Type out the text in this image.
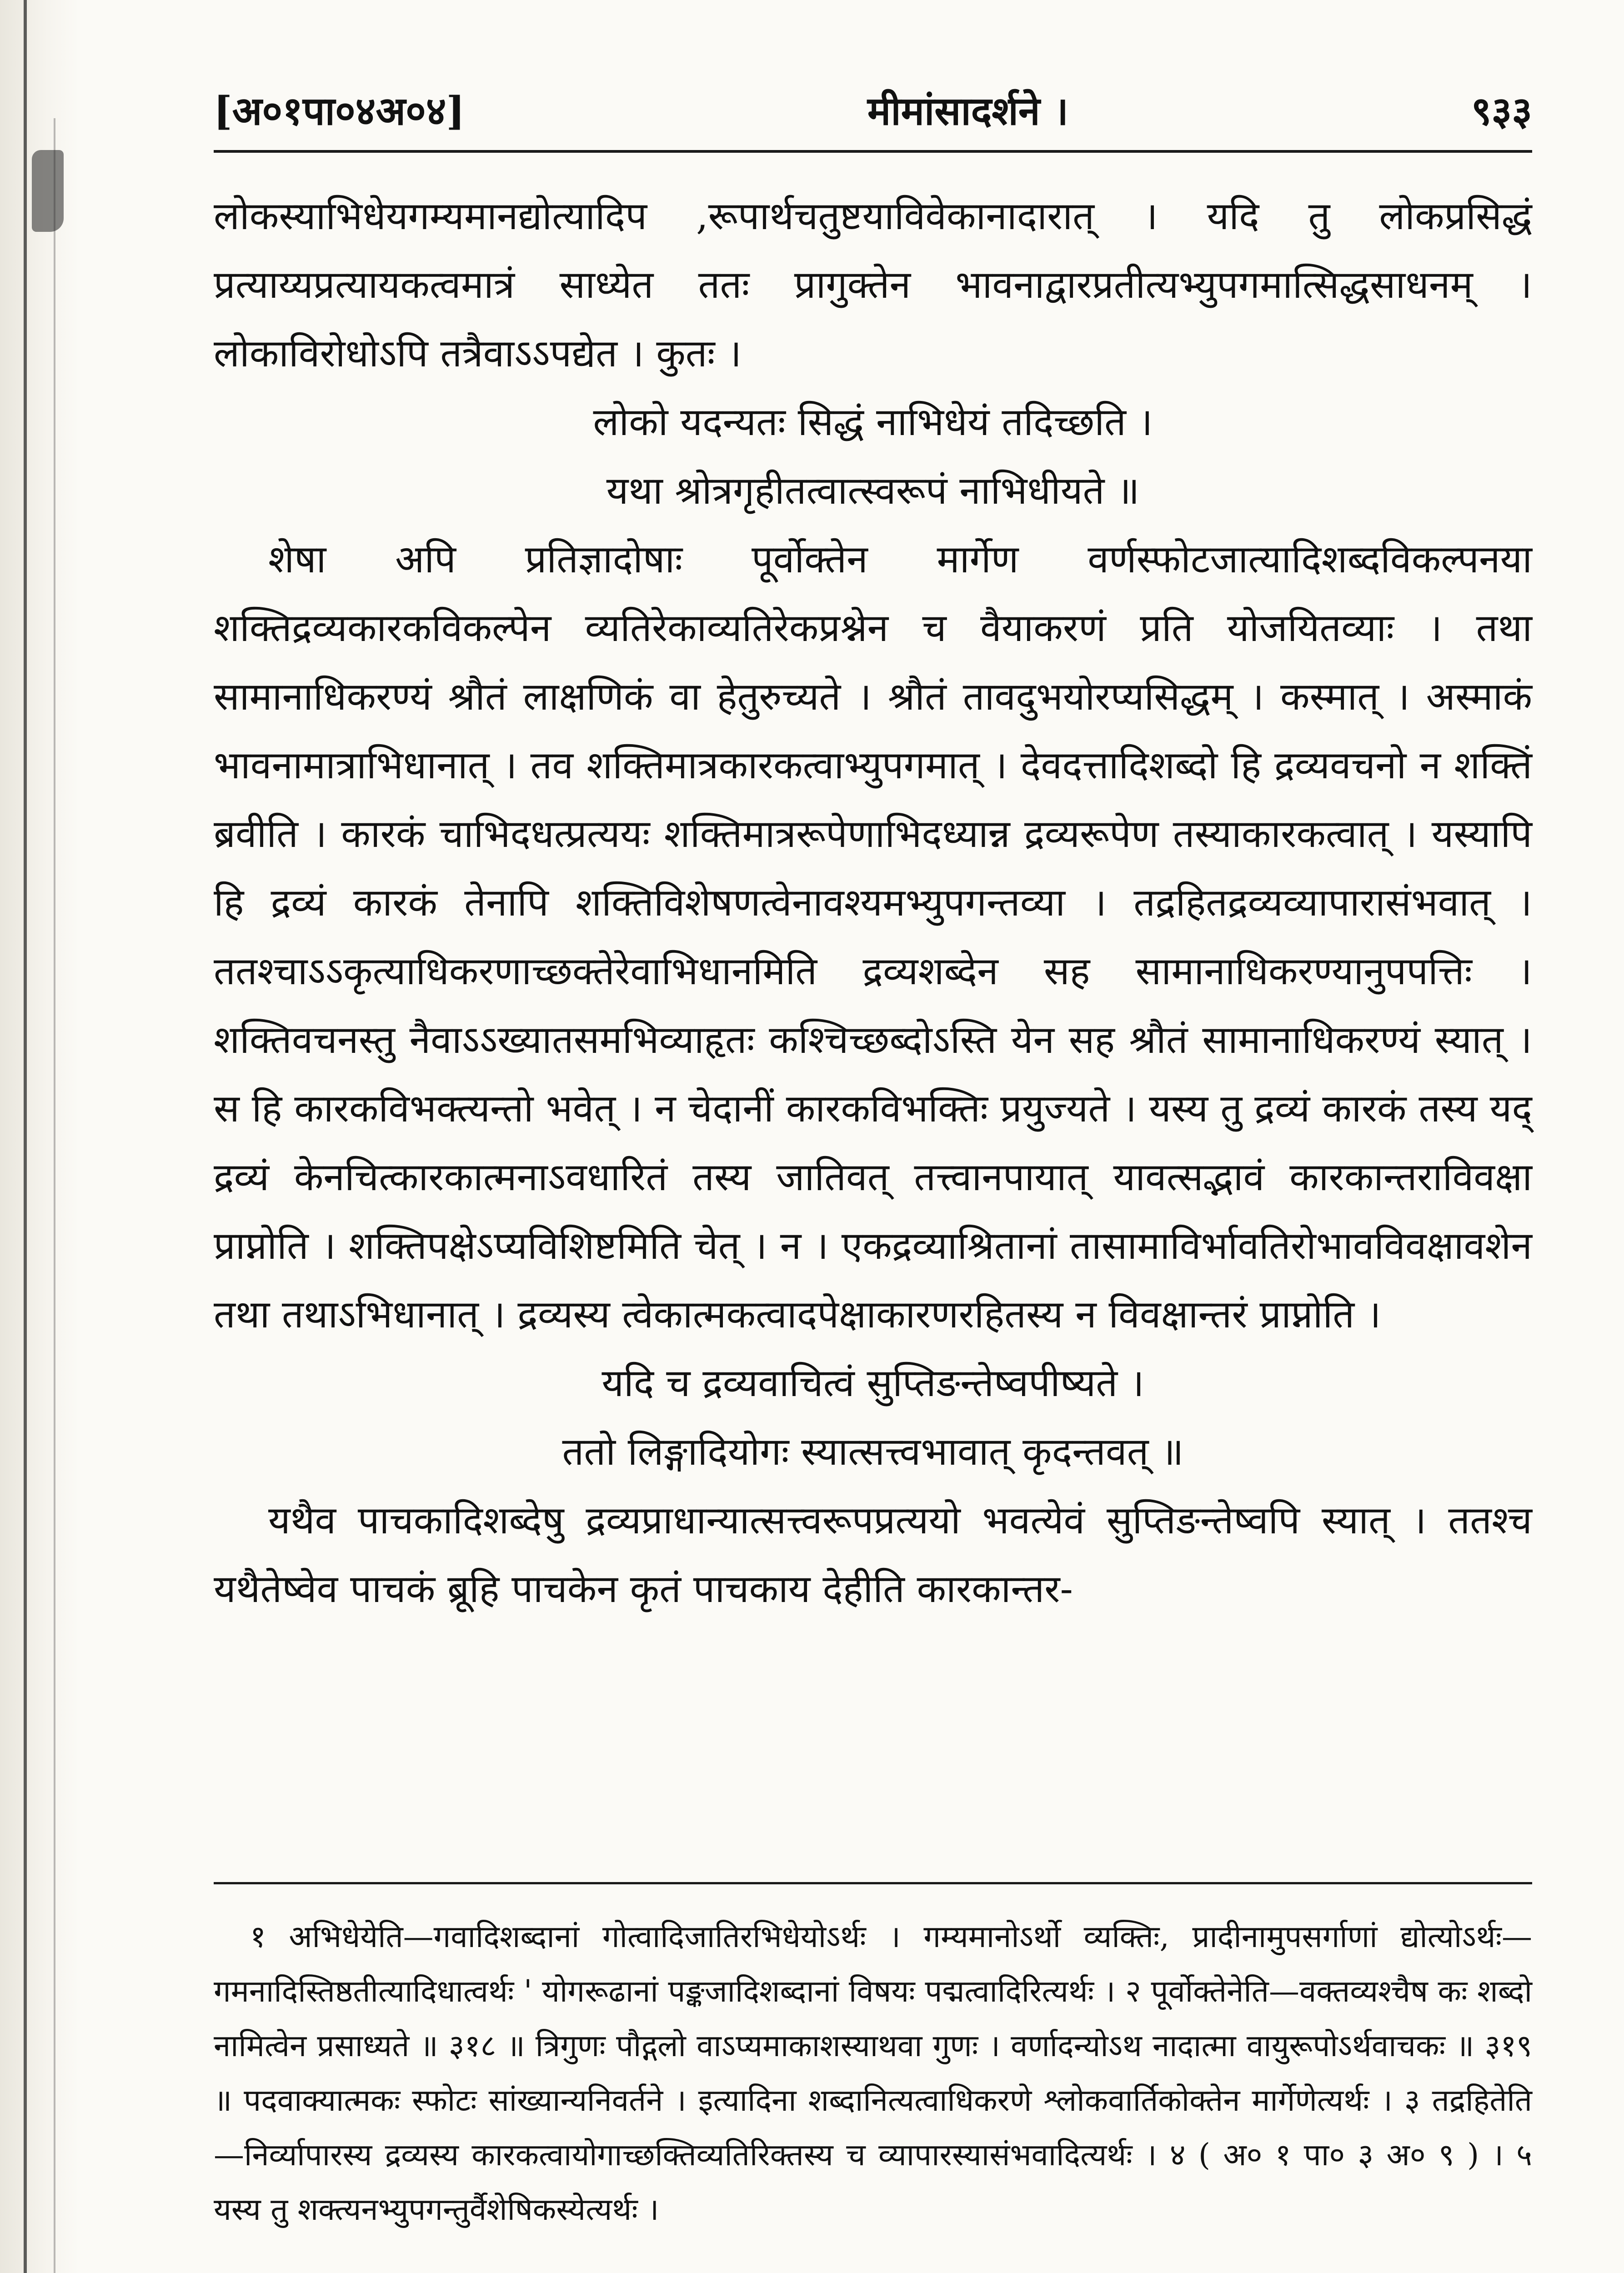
[अ०१पा०४अ०४]	मीमांसादर्शने ।	९३३

लोकस्याभिधेयगम्यमानद्योत्यादिप ,रूपार्थचतुष्टयाविवेकानादारात् । यदि तु लोकप्रसिद्धं प्रत्याय्यप्रत्यायकत्वमात्रं साध्येत ततः प्रागुक्तेन भावनाद्वारप्रतीत्यभ्युपगमात्सिद्धसाधनम् । लोकाविरोधोऽपि तत्रैवाऽऽपद्येत । कुतः ।

लोको यदन्यतः सिद्धं नाभिधेयं तदिच्छति ।

यथा श्रोत्रगृहीतत्वात्स्वरूपं नाभिधीयते ॥

शेषा अपि प्रतिज्ञादोषाः पूर्वोक्तेन मार्गेण वर्णस्फोटजात्यादिशब्दविकल्पनया शक्तिद्रव्यकारकविकल्पेन व्यतिरेकाव्यतिरेकप्रश्नेन च वैयाकरणं प्रति योजयितव्याः । तथा सामानाधिकरण्यं श्रौतं लाक्षणिकं वा हेतुरुच्यते । श्रौतं तावदुभयोरप्यसिद्धम् । कस्मात् । अस्माकं भावनामात्राभिधानात् । तव शक्तिमात्रकारकत्वाभ्युपगमात् । देवदत्तादिशब्दो हि द्रव्यवचनो न शक्तिं ब्रवीति । कारकं चाभिदधत्प्रत्ययः शक्तिमात्ररूपेणाभिदध्यान्न द्रव्यरूपेण तस्याकारकत्वात् । यस्यापि हि द्रव्यं कारकं तेनापि शक्तिविशेषणत्वेनावश्यमभ्युपगन्तव्या । तद्रहितद्रव्यव्यापारासंभवात् । ततश्चाऽऽकृत्याधिकरणाच्छक्तेरेवाभिधानमिति द्रव्यशब्देन सह सामानाधिकरण्यानुपपत्तिः । शक्तिवचनस्तु नैवाऽऽख्यातसमभिव्याहृतः कश्चिच्छब्दोऽस्ति येन सह श्रौतं सामानाधिकरण्यं स्यात् । स हि कारकविभक्त्यन्तो भवेत् । न चेदानीं कारकविभक्तिः प्रयुज्यते । यस्य तु द्रव्यं कारकं तस्य यद् द्रव्यं केनचित्कारकात्मनाऽवधारितं तस्य जातिवत् तत्त्वानपायात् यावत्सद्भावं कारकान्तराविवक्षा प्राप्नोति । शक्तिपक्षेऽप्यविशिष्टमिति चेत् । न । एकद्रव्याश्रितानां तासामाविर्भावतिरोभावविवक्षावशेन तथा तथाऽभिधानात् । द्रव्यस्य त्वेकात्मकत्वादपेक्षाकारणरहितस्य न विवक्षान्तरं प्राप्नोति ।

यदि च द्रव्यवाचित्वं सुप्तिङन्तेष्वपीष्यते ।

ततो लिङ्गादियोगः स्यात्सत्त्वभावात् कृदन्तवत् ॥

यथैव पाचकादिशब्देषु द्रव्यप्राधान्यात्सत्त्वरूपप्रत्ययो भवत्येवं सुप्तिङन्तेष्वपि स्यात् । ततश्च यथैतेष्वेव पाचकं ब्रूहि पाचकेन कृतं पाचकाय देहीति कारकान्तर-

१ अभिधेयेति—गवादिशब्दानां गोत्वादिजातिरभिधेयोऽर्थः । गम्यमानोऽर्थो व्यक्तिः, प्रादीनामुपसर्गाणां द्योत्योऽर्थः—गमनादिस्तिष्ठतीत्यादिधात्वर्थः ' योगरूढानां पङ्कजादिशब्दानां विषयः पद्मत्वादिरित्यर्थः । २ पूर्वोक्तेनेति—वक्तव्यश्चैष कः शब्दो नामित्वेन प्रसाध्यते ॥ ३१८ ॥ त्रिगुणः पौद्गलो वाऽप्यमाकाशस्याथवा गुणः । वर्णादन्योऽथ नादात्मा वायुरूपोऽर्थवाचकः ॥ ३१९ ॥ पदवाक्यात्मकः स्फोटः सांख्यान्यनिवर्तने । इत्यादिना शब्दानित्यत्वाधिकरणे श्लोकवार्तिकोक्तेन मार्गेणेत्यर्थः । ३ तद्रहितेति—निर्व्यापारस्य द्रव्यस्य कारकत्वायोगाच्छक्तिव्यतिरिक्तस्य च व्यापारस्यासंभवादित्यर्थः । ४ ( अ० १ पा० ३ अ० ९ ) । ५ यस्य तु शक्त्यनभ्युपगन्तुर्वैशेषिकस्येत्यर्थः ।
